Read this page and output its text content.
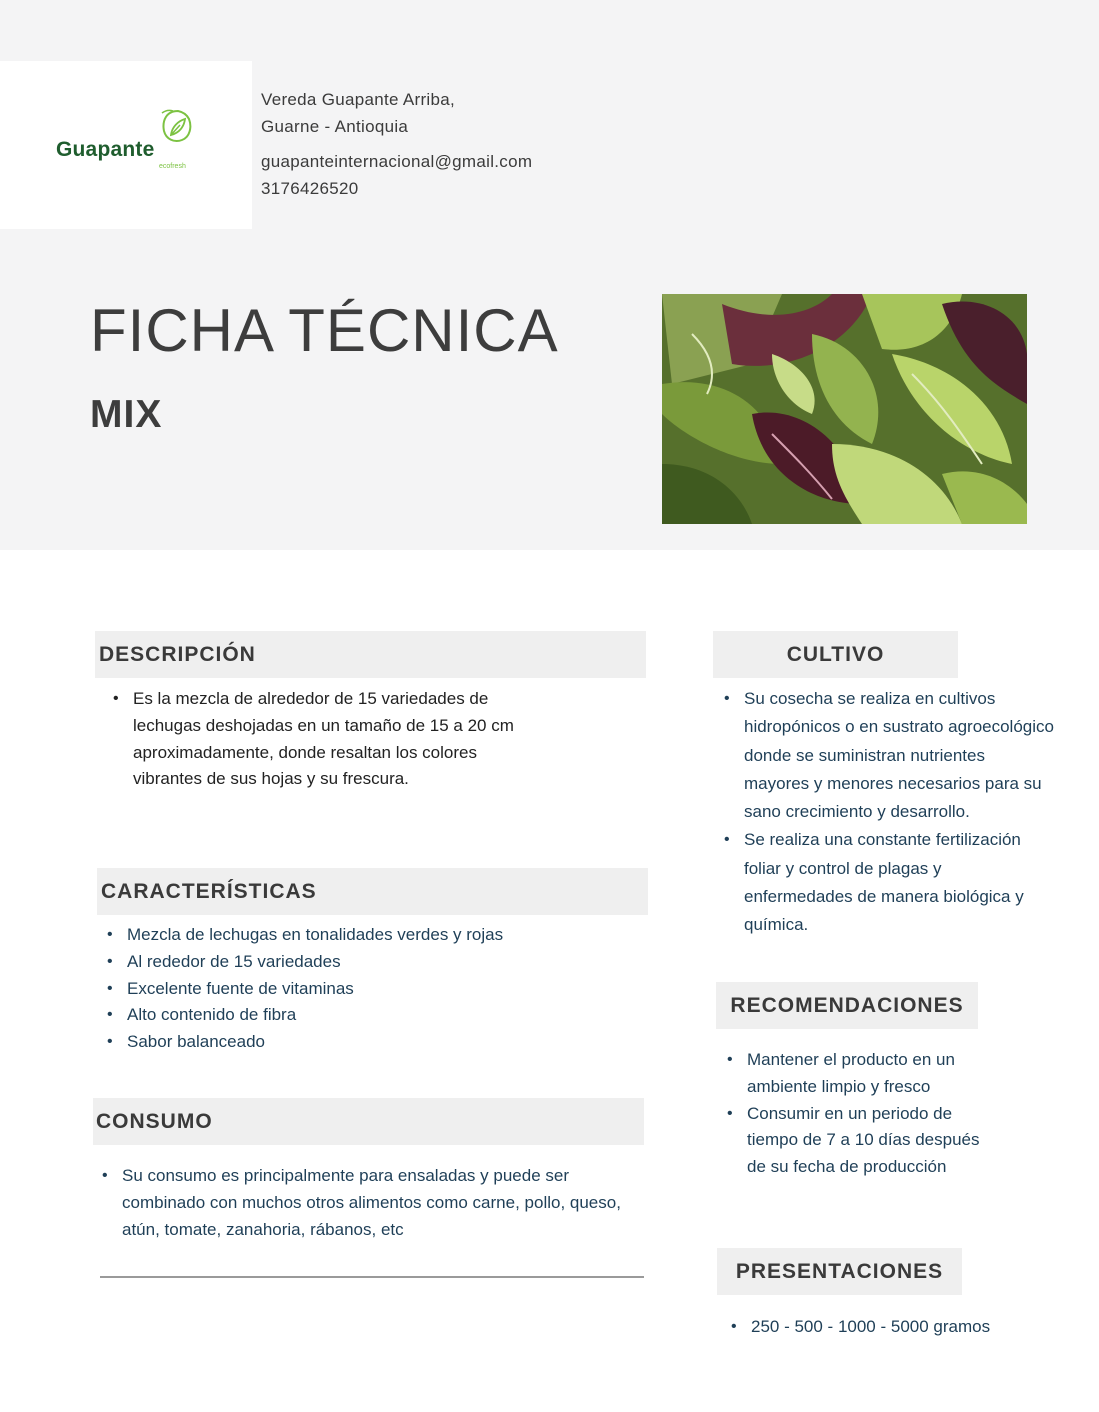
Guapante
ecofresh
Vereda Guapante Arriba,
Guarne - Antioquia
guapanteinternacional@gmail.com
3176426520
FICHA TÉCNICA
MIX
DESCRIPCIÓN
• Es la mezcla de alrededor de 15 variedades de lechugas deshojadas en un tamaño de 15 a 20 cm aproximadamente, donde resaltan los colores vibrantes de sus hojas y su frescura.
CARACTERÍSTICAS
• Mezcla de lechugas en tonalidades verdes y rojas
• Al rededor de 15 variedades
• Excelente fuente de vitaminas
• Alto contenido de fibra
• Sabor balanceado
CONSUMO
• Su consumo es principalmente para ensaladas y puede ser combinado con muchos otros alimentos como carne, pollo, queso, atún, tomate, zanahoria, rábanos, etc
CULTIVO
• Su cosecha se realiza en cultivos hidropónicos o en sustrato agroecológico donde se suministran nutrientes mayores y menores necesarios para su sano crecimiento y desarrollo.
• Se realiza una constante fertilización foliar y control de plagas y enfermedades de manera biológica y química.
RECOMENDACIONES
• Mantener el producto en un ambiente limpio y fresco
• Consumir en un periodo de tiempo de 7 a 10 días después de su fecha de producción
PRESENTACIONES
• 250 - 500 - 1000 - 5000 gramos
